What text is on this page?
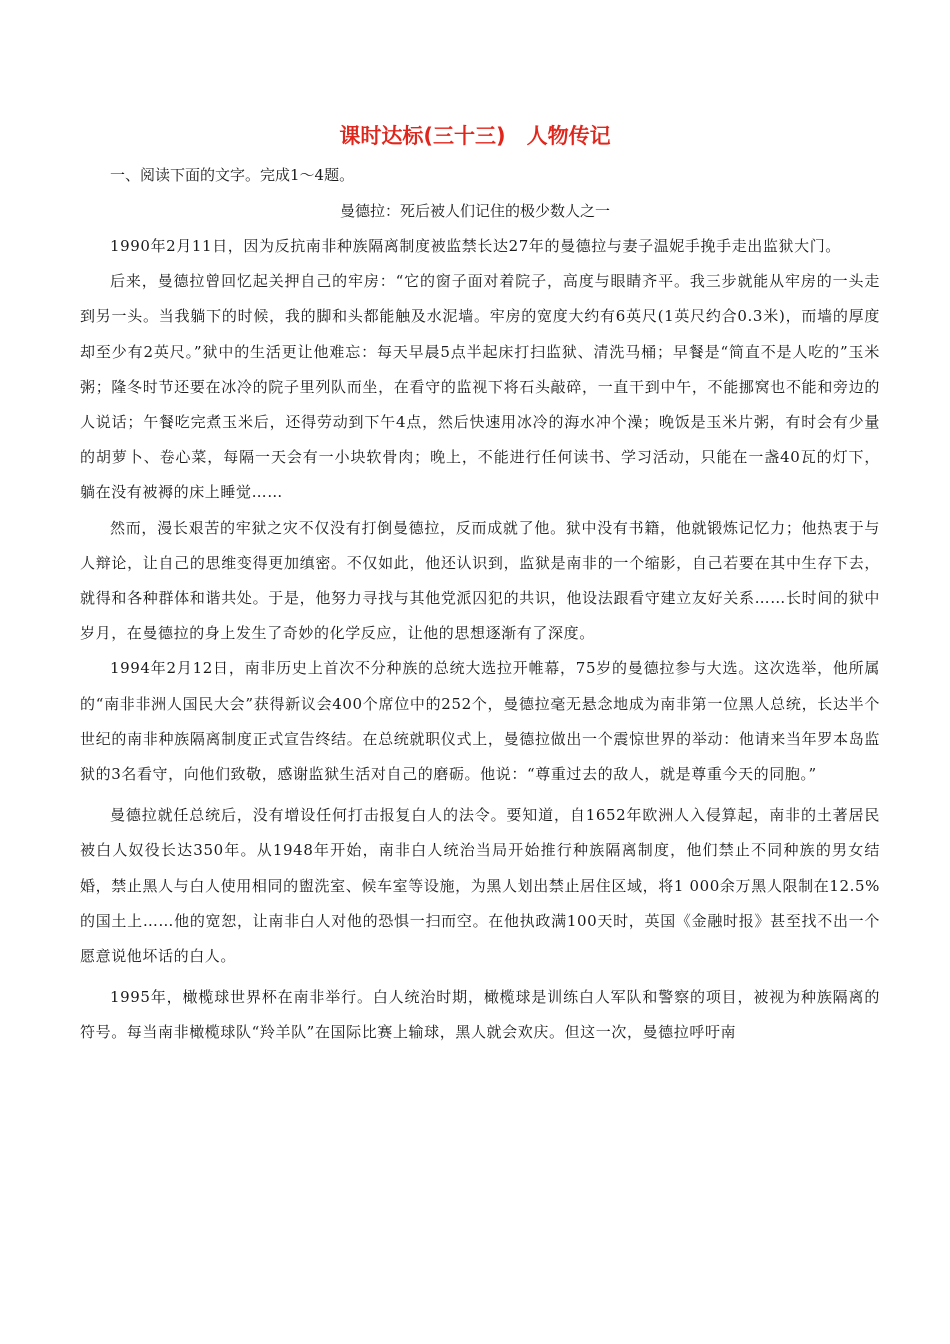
课时达标(三十三)　人物传记

一、阅读下面的文字。完成1～4题。

曼德拉：死后被人们记住的极少数人之一

1990年2月11日，因为反抗南非种族隔离制度被监禁长达27年的曼德拉与妻子温妮手挽手走出监狱大门。

后来，曼德拉曾回忆起关押自己的牢房：“它的窗子面对着院子，高度与眼睛齐平。我三步就能从牢房的一头走到另一头。当我躺下的时候，我的脚和头都能触及水泥墙。牢房的宽度大约有6英尺(1英尺约合0.3米)，而墙的厚度却至少有2英尺。”狱中的生活更让他难忘：每天早晨5点半起床打扫监狱、清洗马桶；早餐是“简直不是人吃的”玉米粥；隆冬时节还要在冰冷的院子里列队而坐，在看守的监视下将石头敲碎，一直干到中午，不能挪窝也不能和旁边的人说话；午餐吃完煮玉米后，还得劳动到下午4点，然后快速用冰冷的海水冲个澡；晚饭是玉米片粥，有时会有少量的胡萝卜、卷心菜，每隔一天会有一小块软骨肉；晚上，不能进行任何读书、学习活动，只能在一盏40瓦的灯下，躺在没有被褥的床上睡觉……

然而，漫长艰苦的牢狱之灾不仅没有打倒曼德拉，反而成就了他。狱中没有书籍，他就锻炼记忆力；他热衷于与人辩论，让自己的思维变得更加缜密。不仅如此，他还认识到，监狱是南非的一个缩影，自己若要在其中生存下去，就得和各种群体和谐共处。于是，他努力寻找与其他党派囚犯的共识，他设法跟看守建立友好关系……长时间的狱中岁月，在曼德拉的身上发生了奇妙的化学反应，让他的思想逐渐有了深度。

1994年2月12日，南非历史上首次不分种族的总统大选拉开帷幕，75岁的曼德拉参与大选。这次选举，他所属的“南非非洲人国民大会”获得新议会400个席位中的252个，曼德拉毫无悬念地成为南非第一位黑人总统，长达半个世纪的南非种族隔离制度正式宣告终结。在总统就职仪式上，曼德拉做出一个震惊世界的举动：他请来当年罗本岛监狱的3名看守，向他们致敬，感谢监狱生活对自己的磨砺。他说：“尊重过去的敌人，就是尊重今天的同胞。”

曼德拉就任总统后，没有增设任何打击报复白人的法令。要知道，自1652年欧洲人入侵算起，南非的土著居民被白人奴役长达350年。从1948年开始，南非白人统治当局开始推行种族隔离制度，他们禁止不同种族的男女结婚，禁止黑人与白人使用相同的盥洗室、候车室等设施，为黑人划出禁止居住区域，将1 000余万黑人限制在12.5%的国土上……他的宽恕，让南非白人对他的恐惧一扫而空。在他执政满100天时，英国《金融时报》甚至找不出一个愿意说他坏话的白人。

1995年，橄榄球世界杯在南非举行。白人统治时期，橄榄球是训练白人军队和警察的项目，被视为种族隔离的符号。每当南非橄榄球队“羚羊队”在国际比赛上输球，黑人就会欢庆。但这一次，曼德拉呼吁南
